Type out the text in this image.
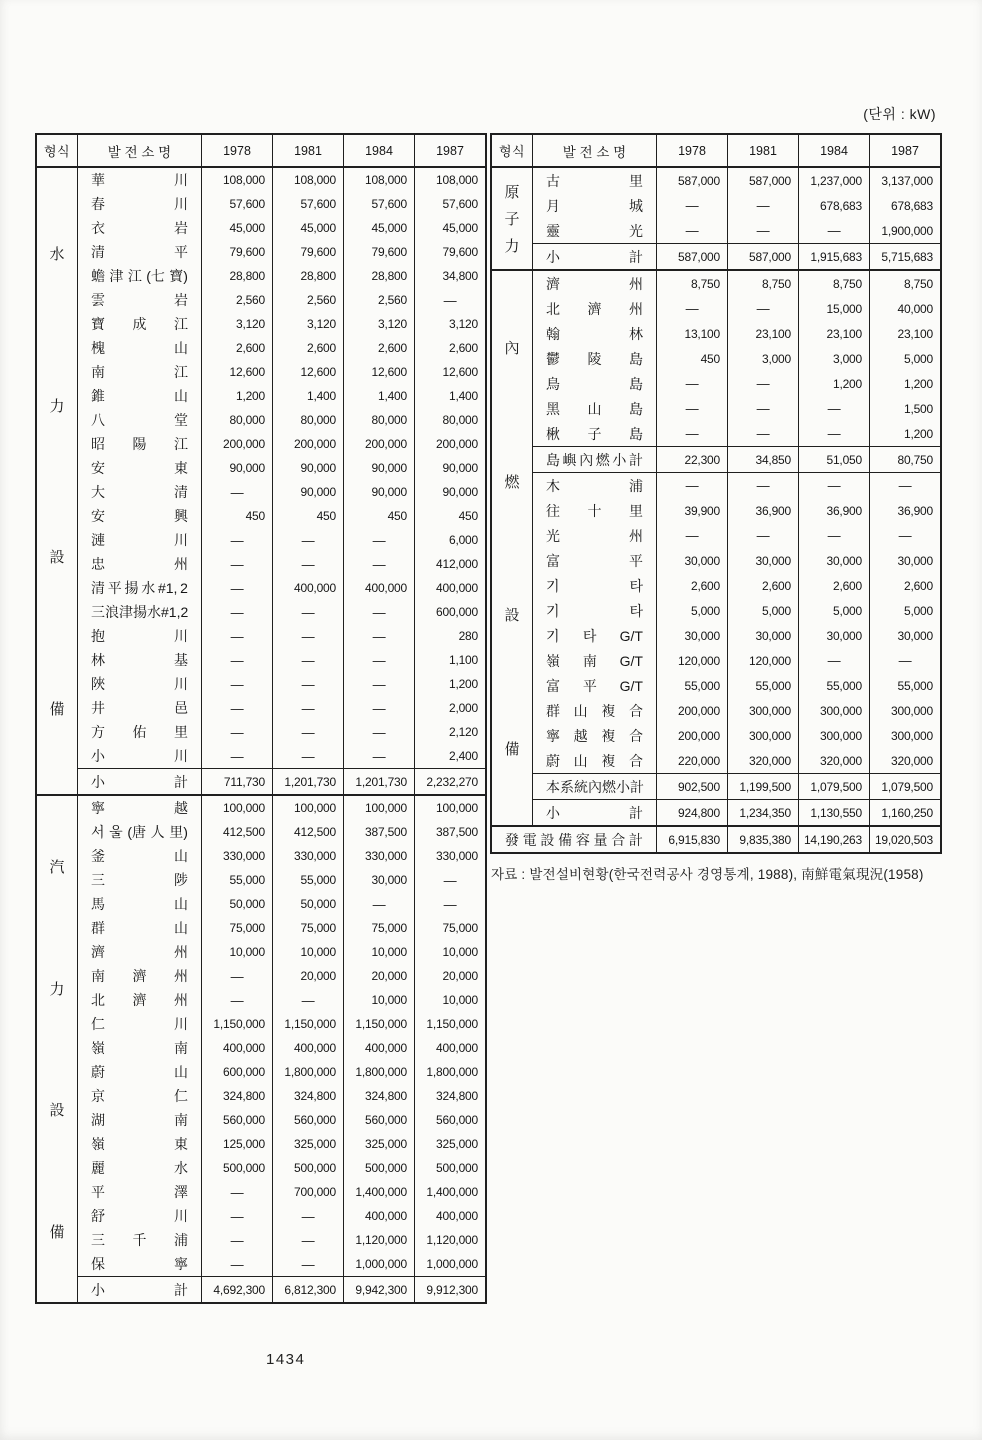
(단위 : kW)
형식	발 전 소 명	1978	1981	1984	1987
水
力
設
備
華	川	108,000	108,000	108,000	108,000
春	川	57,600	57,600	57,600	57,600
衣	岩	45,000	45,000	45,000	45,000
清	平	79,600	79,600	79,600	79,600
蟾 津 江 (七 寶)	28,800	28,800	28,800	34,800
雲	岩	2,560	2,560	2,560	—
寶 成 江	3,120	3,120	3,120	3,120
槐	山	2,600	2,600	2,600	2,600
南	江	12,600	12,600	12,600	12,600
錐	山	1,200	1,400	1,400	1,400
八	堂	80,000	80,000	80,000	80,000
昭 陽 江	200,000	200,000	200,000	200,000
安	東	90,000	90,000	90,000	90,000
大	清	—	90,000	90,000	90,000
安	興	450	450	450	450
漣	川	—	—	—	6,000
忠	州	—	—	—	412,000
清 平 揚 水 #1, 2	—	400,000	400,000	400,000
三 浪 津 揚 水 #1, 2	—	—	—	600,000
抱	川	—	—	—	280
林	基	—	—	—	1,100
陜	川	—	—	—	1,200
井	邑	—	—	—	2,000
方 佑 里	—	—	—	2,120
小	川	—	—	—	2,400
小	計	711,730	1,201,730	1,201,730	2,232,270
汽
力
設
備
寧	越	100,000	100,000	100,000	100,000
서 울 (唐 人 里)	412,500	412,500	387,500	387,500
釜	山	330,000	330,000	330,000	330,000
三	陟	55,000	55,000	30,000	—
馬	山	50,000	50,000	—	—
群	山	75,000	75,000	75,000	75,000
濟	州	10,000	10,000	10,000	10,000
南 濟 州	—	20,000	20,000	20,000
北 濟 州	—	—	10,000	10,000
仁	川	1,150,000	1,150,000	1,150,000	1,150,000
嶺	南	400,000	400,000	400,000	400,000
蔚	山	600,000	1,800,000	1,800,000	1,800,000
京	仁	324,800	324,800	324,800	324,800
湖	南	560,000	560,000	560,000	560,000
嶺	東	125,000	325,000	325,000	325,000
麗	水	500,000	500,000	500,000	500,000
平	澤	—	700,000	1,400,000	1,400,000
舒	川	—	—	400,000	400,000
三 千 浦	—	—	1,120,000	1,120,000
保	寧	—	—	1,000,000	1,000,000
小	計	4,692,300	6,812,300	9,942,300	9,912,300
형식	발 전 소 명	1978	1981	1984	1987
原
子
力
古	里	587,000	587,000	1,237,000	3,137,000
月	城	—	—	678,683	678,683
靈	光	—	—	—	1,900,000
小	計	587,000	587,000	1,915,683	5,715,683
內
燃
設
備
濟	州	8,750	8,750	8,750	8,750
北 濟 州	—	—	15,000	40,000
翰	林	13,100	23,100	23,100	23,100
鬱 陵 島	450	3,000	3,000	5,000
鳥	島	—	—	1,200	1,200
黑 山 島	—	—	—	1,500
楸 子 島	—	—	—	1,200
島 嶼 內 燃 小 計	22,300	34,850	51,050	80,750
木	浦	—	—	—	—
往 十 里	39,900	36,900	36,900	36,900
光	州	—	—	—	—
富	平	30,000	30,000	30,000	30,000
기	타	2,600	2,600	2,600	2,600
기	타	5,000	5,000	5,000	5,000
기 타 G/T	30,000	30,000	30,000	30,000
嶺 南 G/T	120,000	120,000	—	—
富 平 G/T	55,000	55,000	55,000	55,000
群 山 複 合	200,000	300,000	300,000	300,000
寧 越 複 合	200,000	300,000	300,000	300,000
蔚 山 複 合	220,000	320,000	320,000	320,000
本 系 統 內 燃 小 計	902,500	1,199,500	1,079,500	1,079,500
小	計	924,800	1,234,350	1,130,550	1,160,250
發 電 設 備 容 量 合 計	6,915,830	9,835,380	14,190,263	19,020,503
자료 : 발전설비현황(한국전력공사 경영통계, 1988), 南鮮電氣現況(1958)
1434
